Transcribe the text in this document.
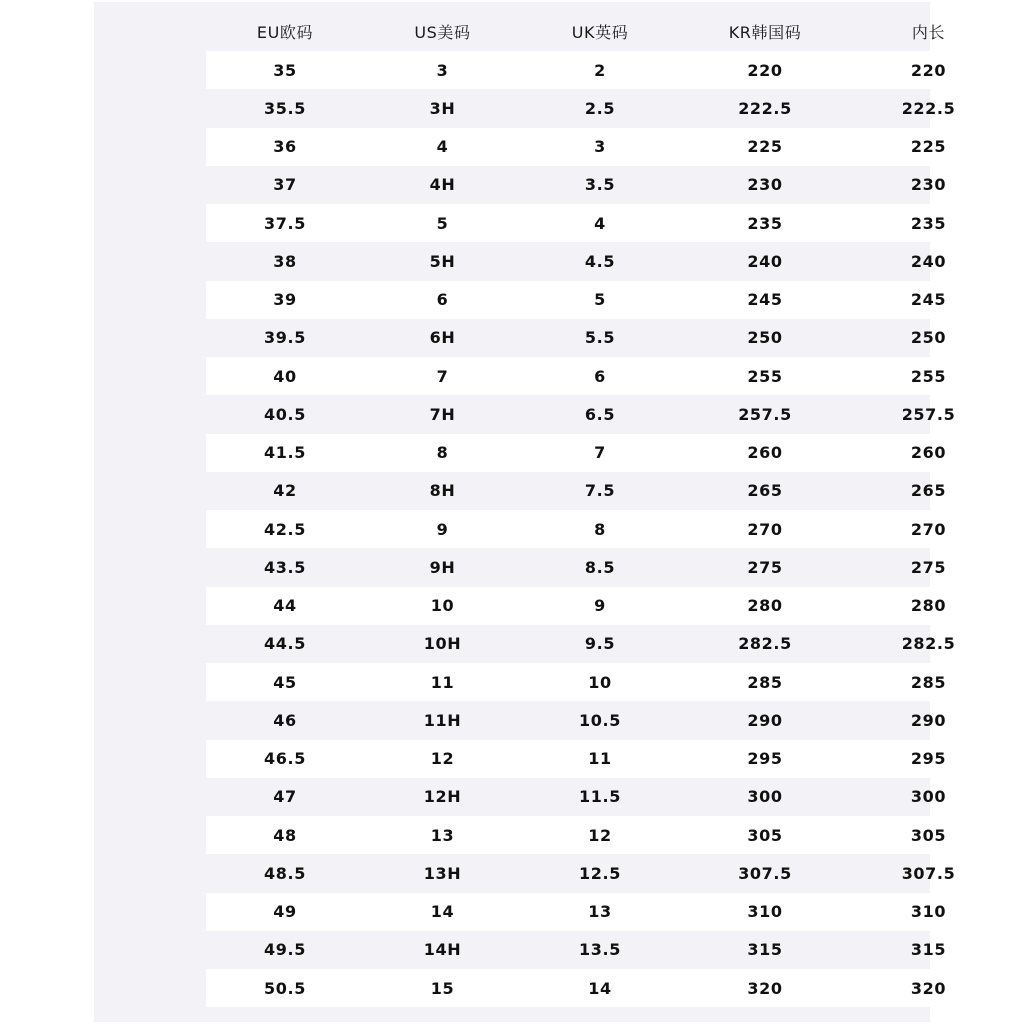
EU欧码	US美码	UK英码	KR韩国码	内长
35	3	2	220	220
35.5	3H	2.5	222.5	222.5
36	4	3	225	225
37	4H	3.5	230	230
37.5	5	4	235	235
38	5H	4.5	240	240
39	6	5	245	245
39.5	6H	5.5	250	250
40	7	6	255	255
40.5	7H	6.5	257.5	257.5
41.5	8	7	260	260
42	8H	7.5	265	265
42.5	9	8	270	270
43.5	9H	8.5	275	275
44	10	9	280	280
44.5	10H	9.5	282.5	282.5
45	11	10	285	285
46	11H	10.5	290	290
46.5	12	11	295	295
47	12H	11.5	300	300
48	13	12	305	305
48.5	13H	12.5	307.5	307.5
49	14	13	310	310
49.5	14H	13.5	315	315
50.5	15	14	320	320
